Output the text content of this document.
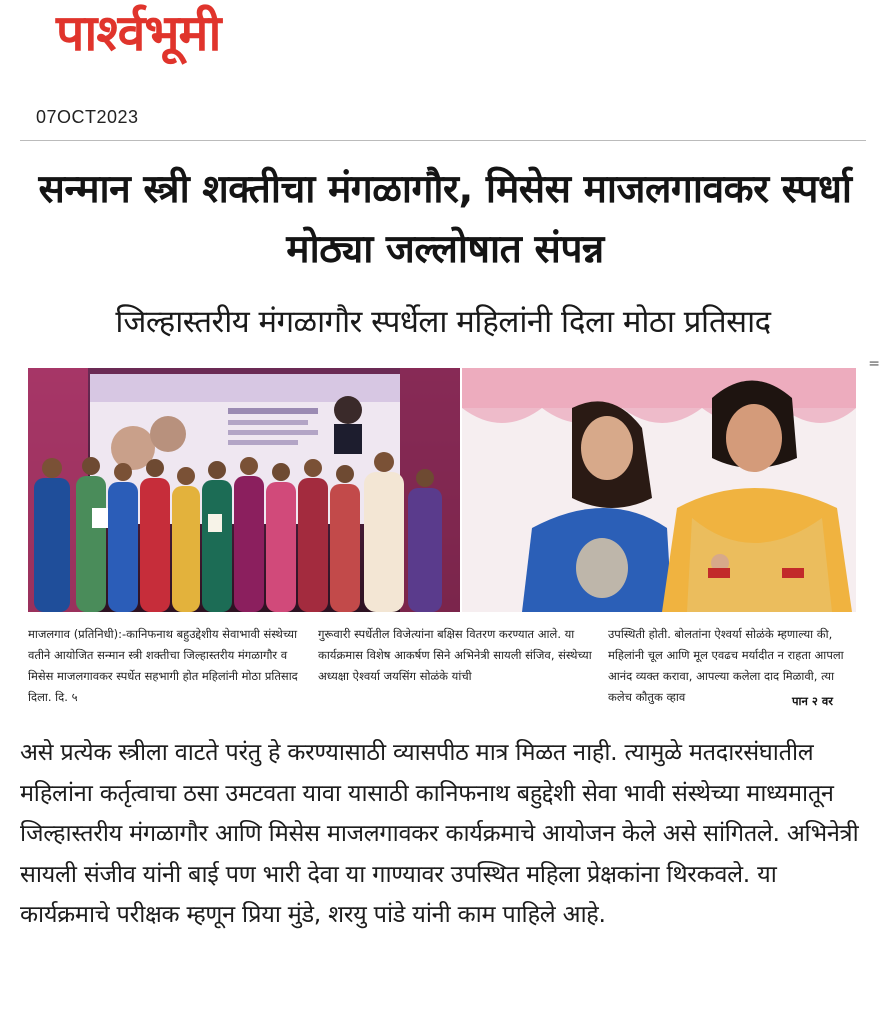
पार्श्वभूमी
07OCT2023
सन्मान स्त्री शक्तीचा मंगळागौर, मिसेस माजलगावकर स्पर्धा मोठ्या जल्लोषात संपन्न
जिल्हास्तरीय मंगळागौर स्पर्धेला महिलांनी दिला मोठा प्रतिसाद
=
माजलगाव (प्रतिनिधी):-कानिफनाथ बहुउद्देशीय सेवाभावी संस्थेच्या वतीने आयोजित सन्मान स्त्री शक्तीचा जिल्हास्तरीय मंगळागौर व मिसेस माजलगावकर स्पर्धेत सहभागी होत महिलांनी मोठा प्रतिसाद दिला. दि. ५
गुरूवारी स्पर्धेतील विजेत्यांना बक्षिस वितरण करण्यात आले. या कार्यक्रमास विशेष आकर्षण सिने अभिनेत्री सायली संजिव, संस्थेच्या अध्यक्षा ऐश्वर्या जयसिंग सोळंके यांची
उपस्थिती होती. बोलतांना ऐश्वर्या सोळंके म्हणाल्या की, महिलांनी चूल आणि मूल एवढच मर्यादीत न राहता आपला आनंद व्यक्त करावा, आपल्या कलेला दाद मिळावी, त्या कलेच कौतुक व्हाव	पान २ वर
असे प्रत्येक स्त्रीला वाटते परंतु हे करण्यासाठी व्यासपीठ मात्र मिळत नाही. त्यामुळे मतदारसंघातील महिलांना कर्तृत्वाचा ठसा उमटवता यावा यासाठी कानिफनाथ बहुद्देशी सेवा भावी संस्थेच्या माध्यमातून जिल्हास्तरीय मंगळागौर आणि मिसेस माजलगावकर कार्यक्रमाचे आयोजन केले असे सांगितले. अभिनेत्री सायली संजीव यांनी बाई पण भारी देवा या गाण्यावर उपस्थित महिला प्रेक्षकांना थिरकवले. या कार्यक्रमाचे परीक्षक म्हणून प्रिया मुंडे, शरयु पांडे यांनी काम पाहिले आहे.
